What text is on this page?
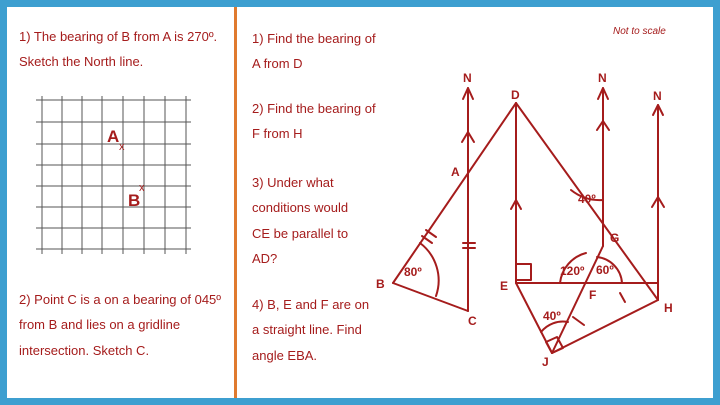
1) The bearing of B from A is 270º. Sketch the North line.
2) Point C is a on a bearing of 045º from B and lies on a gridline intersection. Sketch C.
1) Find the bearing of A from D
2) Find the bearing of F from H
3) Under what conditions would CE be parallel to AD?
4) B, E and F are on a straight line. Find angle EBA.
Not to scale
A
x
B
x
N	N
N
D
A
B
C
G
E
F
H
J
80º
40º
120º 60º
40º
